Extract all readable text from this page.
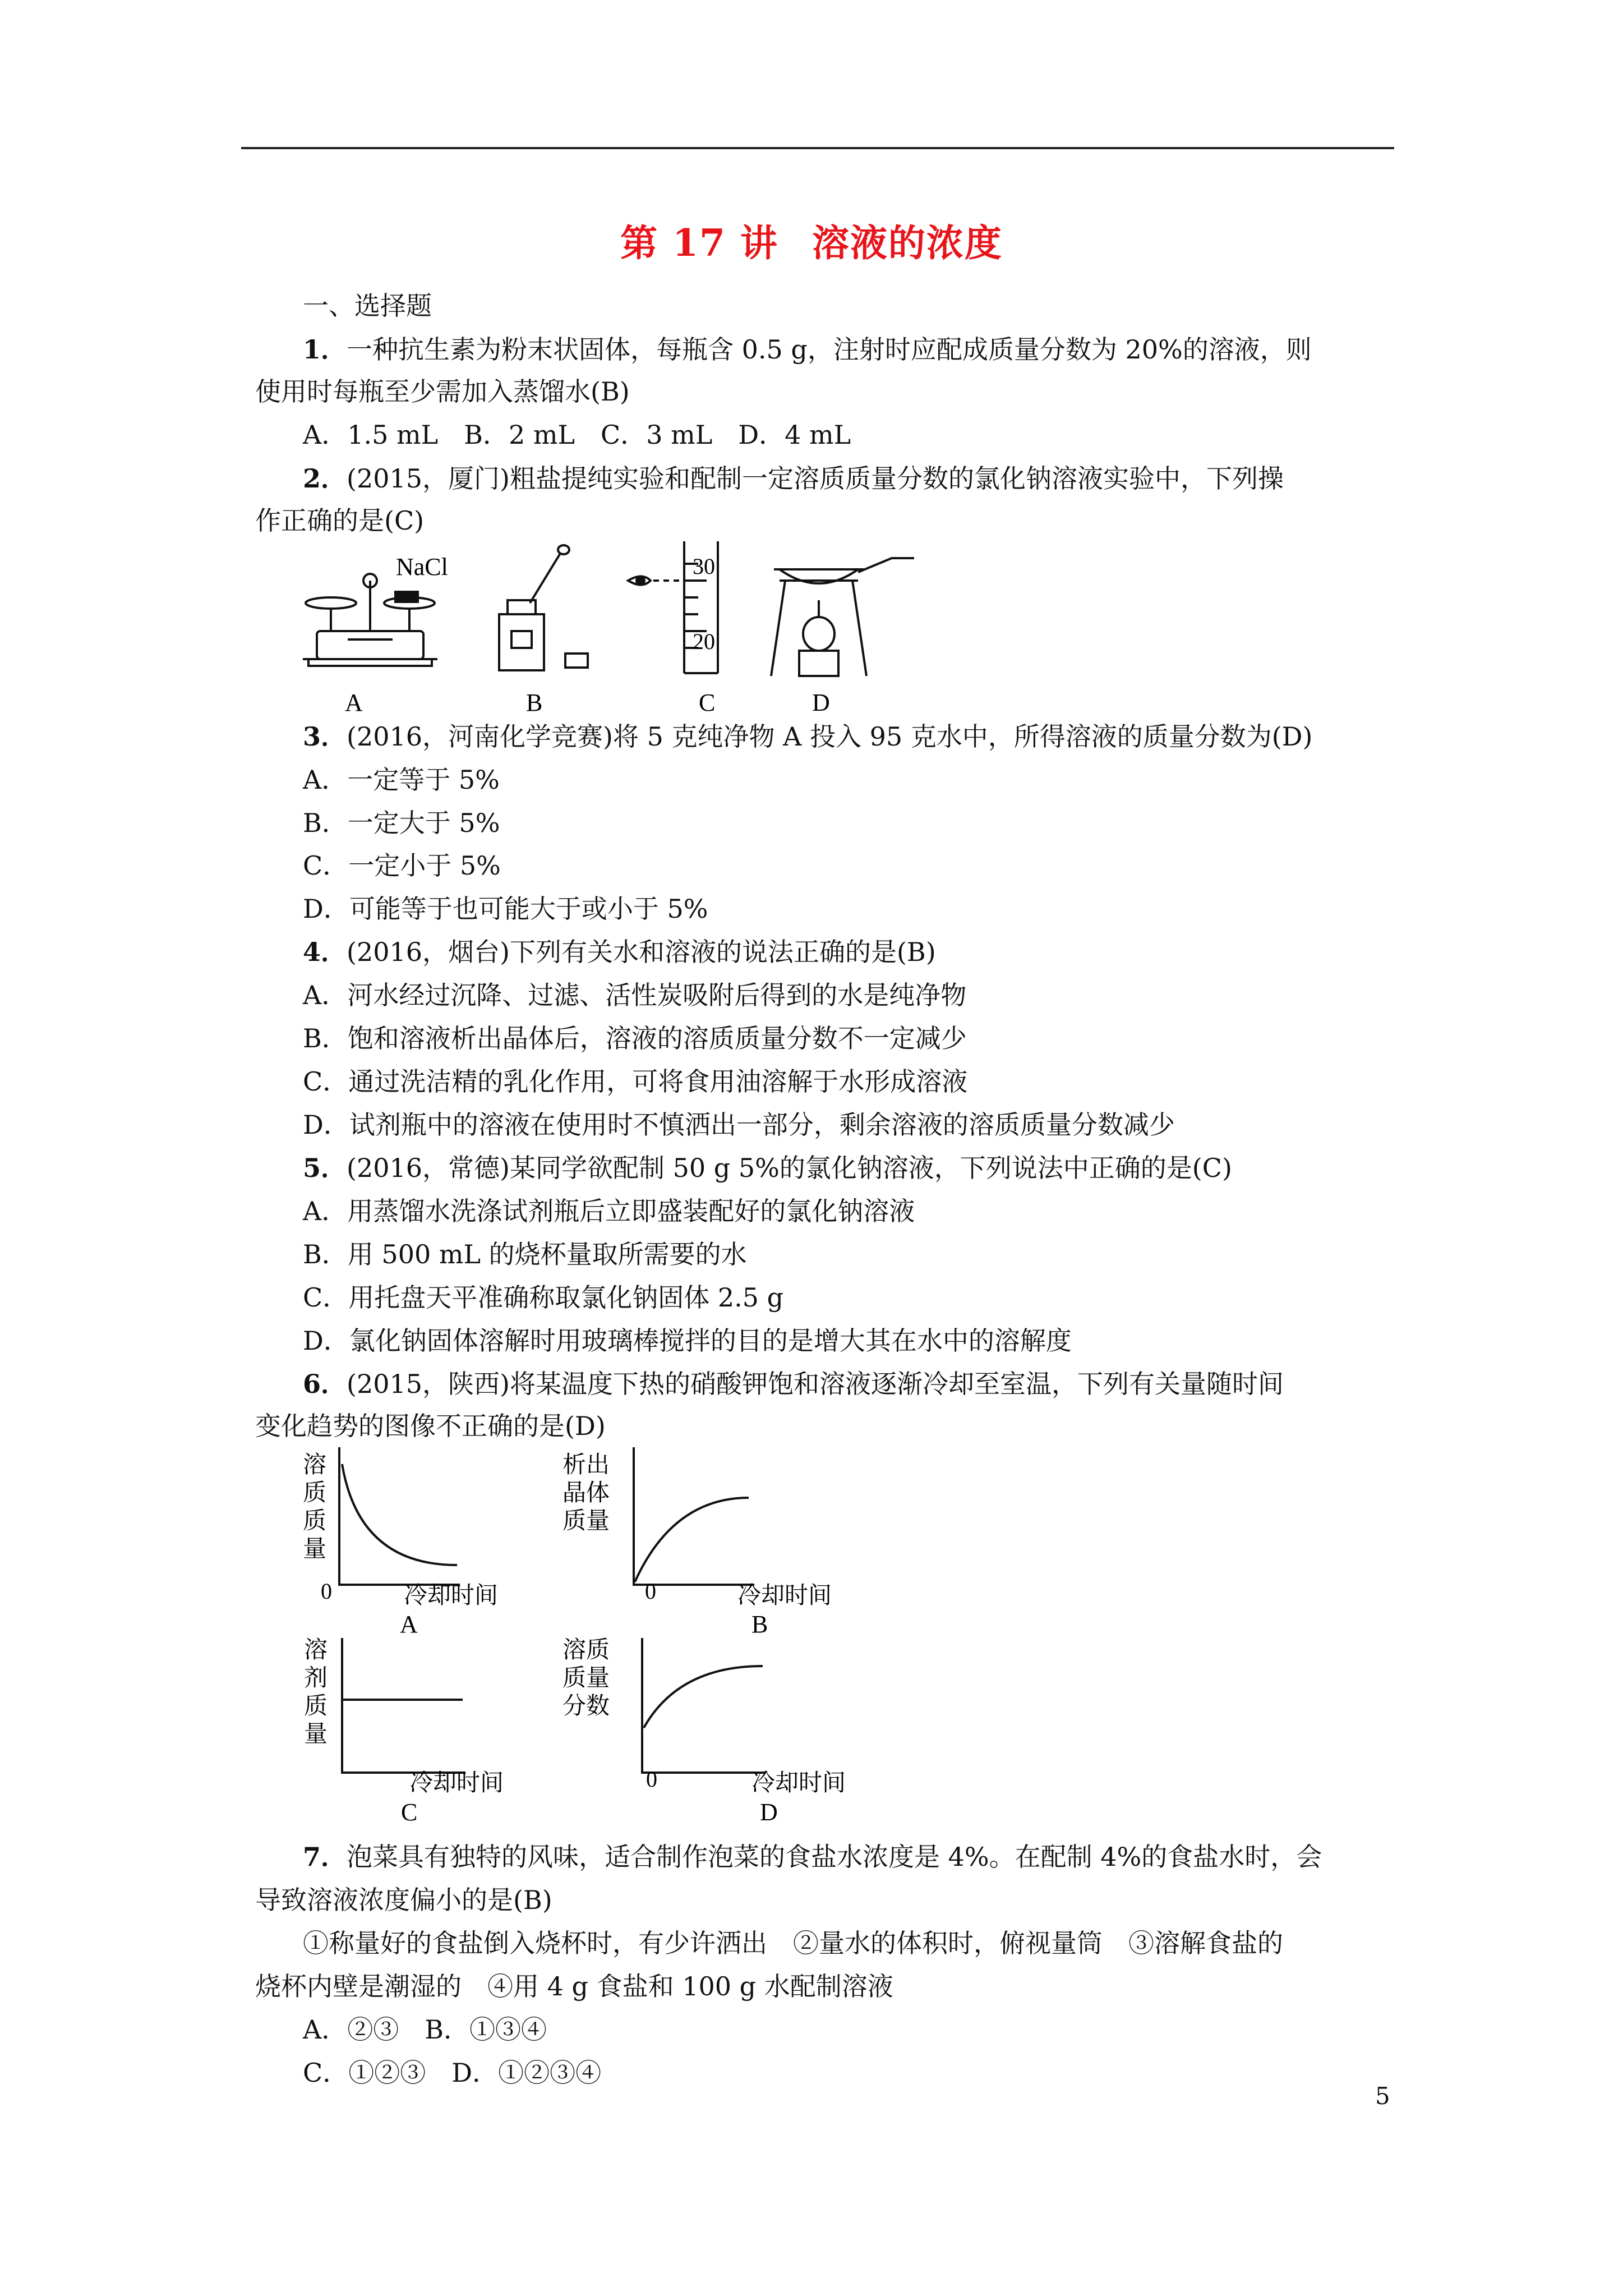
第 17 讲 溶液的浓度
一、选择题
1．一种抗生素为粉末状固体，每瓶含 0.5 g，注射时应配成质量分数为 20%的溶液，则
使用时每瓶至少需加入蒸馏水(B)
A．1.5 mL　B．2 mL　C．3 mL　D．4 mL
2．(2015，厦门)粗盐提纯实验和配制一定溶质质量分数的氯化钠溶液实验中，下列操
作正确的是(C)
NaCl	30
20
A	B	C	D
3．(2016，河南化学竞赛)将 5 克纯净物 A 投入 95 克水中，所得溶液的质量分数为(D)
A．一定等于 5%
B．一定大于 5%
C．一定小于 5%
D．可能等于也可能大于或小于 5%
4．(2016，烟台)下列有关水和溶液的说法正确的是(B)
A．河水经过沉降、过滤、活性炭吸附后得到的水是纯净物
B．饱和溶液析出晶体后，溶液的溶质质量分数不一定减少
C．通过洗洁精的乳化作用，可将食用油溶解于水形成溶液
D．试剂瓶中的溶液在使用时不慎洒出一部分，剩余溶液的溶质质量分数减少
5．(2016，常德)某同学欲配制 50 g 5%的氯化钠溶液，下列说法中正确的是(C)
A．用蒸馏水洗涤试剂瓶后立即盛装配好的氯化钠溶液
B．用 500 mL 的烧杯量取所需要的水
C．用托盘天平准确称取氯化钠固体 2.5 g
D．氯化钠固体溶解时用玻璃棒搅拌的目的是增大其在水中的溶解度
6．(2015，陕西)将某温度下热的硝酸钾饱和溶液逐渐冷却至室温，下列有关量随时间
变化趋势的图像不正确的是(D)
溶
质
质
量
0	冷却时间
A
析出
晶体
质量
0	冷却时间
B
溶
剂
质
量
冷却时间
C
溶质
质量
分数
0	冷却时间
D
7．泡菜具有独特的风味，适合制作泡菜的食盐水浓度是 4%。在配制 4%的食盐水时，会
导致溶液浓度偏小的是(B)
①称量好的食盐倒入烧杯时，有少许洒出　②量水的体积时，俯视量筒　③溶解食盐的
烧杯内壁是潮湿的　④用 4 g 食盐和 100 g 水配制溶液
A．②③　B．①③④
C．①②③　D．①②③④
5
